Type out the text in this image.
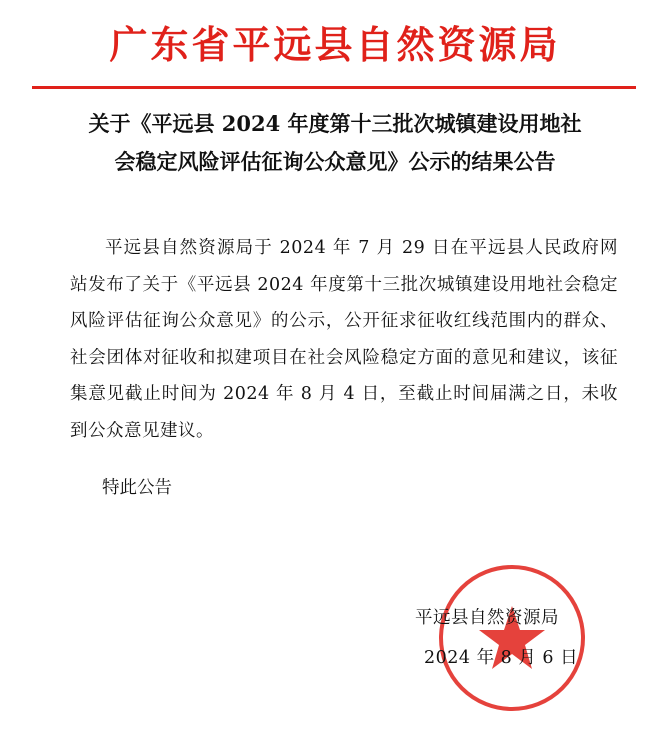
广东省平远县自然资源局
关于《平远县 2024 年度第十三批次城镇建设用地社
会稳定风险评估征询公众意见》公示的结果公告

平远县自然资源局于 2024 年 7 月 29 日在平远县人民政府网站发布了关于《平远县 2024 年度第十三批次城镇建设用地社会稳定风险评估征询公众意见》的公示，公开征求征收红线范围内的群众、社会团体对征收和拟建项目在社会风险稳定方面的意见和建议，该征集意见截止时间为 2024 年 8 月 4 日，至截止时间届满之日，未收到公众意见建议。

特此公告
平远县自然资源局
2024 年 8 月 6 日
